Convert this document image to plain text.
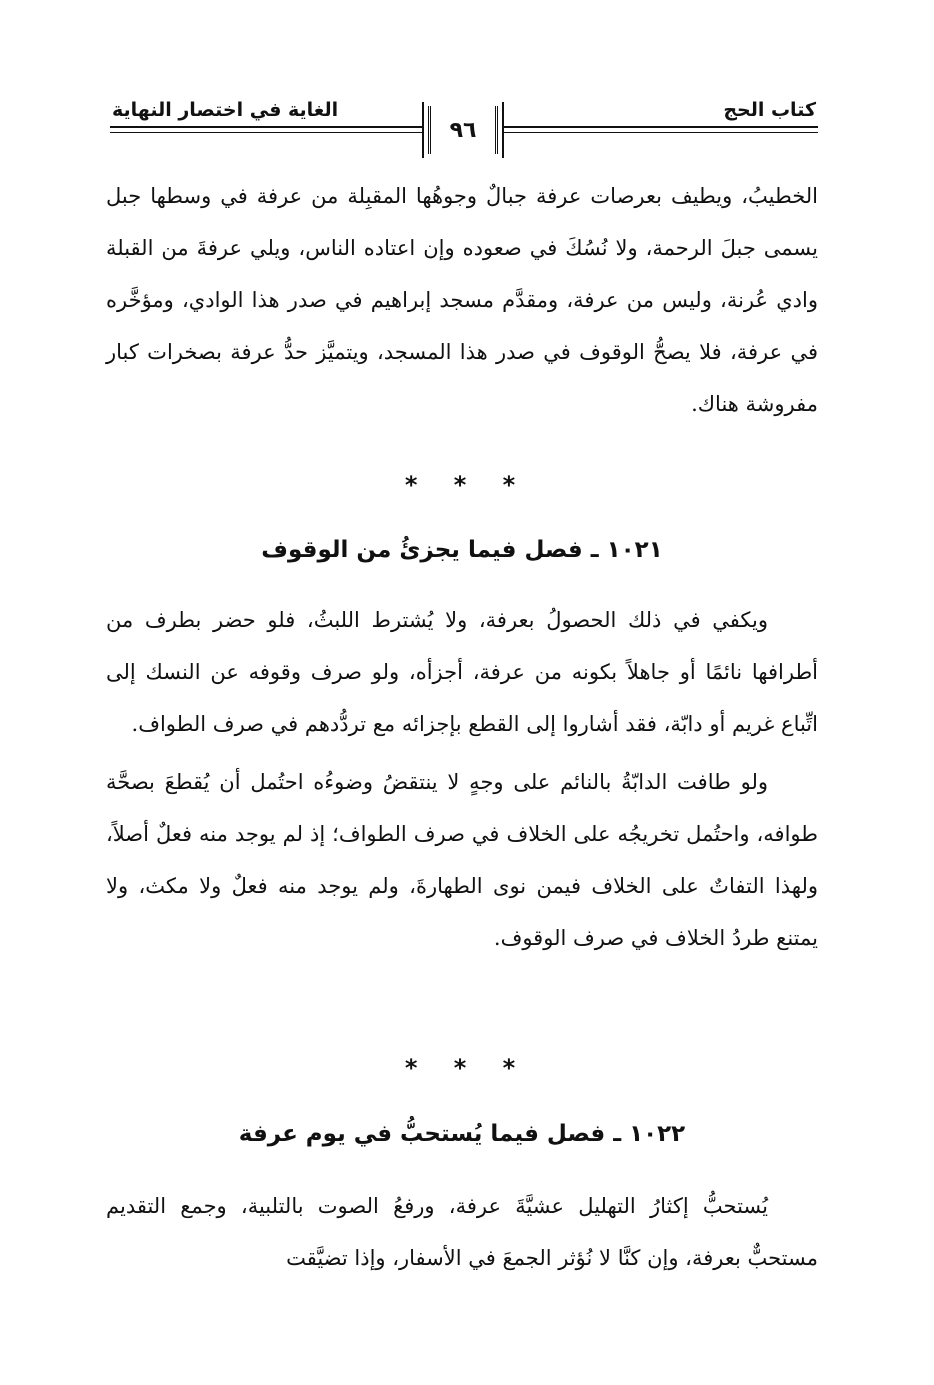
كتاب الحج
الغاية في اختصار النهاية
٩٦

الخطيبُ، ويطيف بعرصات عرفة جبالٌ وجوهُها المقبِلة من عرفة في وسطها جبل يسمى جبلَ الرحمة، ولا نُسُكَ في صعوده وإن اعتاده الناس، ويلي عرفةَ من القبلة وادي عُرنة، وليس من عرفة، ومقدَّم مسجد إبراهيم في صدر هذا الوادي، ومؤخَّره في عرفة، فلا يصحُّ الوقوف في صدر هذا المسجد، ويتميَّز حدُّ عرفة بصخرات كبار مفروشة هناك.

* * *
١٠٢١ ـ فصل فيما يجزئُ من الوقوف

ويكفي في ذلك الحصولُ بعرفة، ولا يُشترط اللبثُ، فلو حضر بطرف من أطرافها نائمًا أو جاهلاً بكونه من عرفة، أجزأه، ولو صرف وقوفه عن النسك إلى اتِّباع غريم أو دابّة، فقد أشاروا إلى القطع بإجزائه مع تردُّدهم في صرف الطواف.

ولو طافت الدابّةُ بالنائم على وجهٍ لا ينتقضُ وضوءُه احتُمل أن يُقطعَ بصحَّة طوافه، واحتُمل تخريجُه على الخلاف في صرف الطواف؛ إذ لم يوجد منه فعلٌ أصلاً، ولهذا التفاتٌ على الخلاف فيمن نوى الطهارةَ، ولم يوجد منه فعلٌ ولا مكث، ولا يمتنع طردُ الخلاف في صرف الوقوف.

* * *
١٠٢٢ ـ فصل فيما يُستحبُّ في يوم عرفة

يُستحبُّ إكثارُ التهليل عشيَّةَ عرفة، ورفعُ الصوت بالتلبية، وجمع التقديم مستحبٌّ بعرفة، وإن كنَّا لا نُؤثر الجمعَ في الأسفار، وإذا تضيَّقت
